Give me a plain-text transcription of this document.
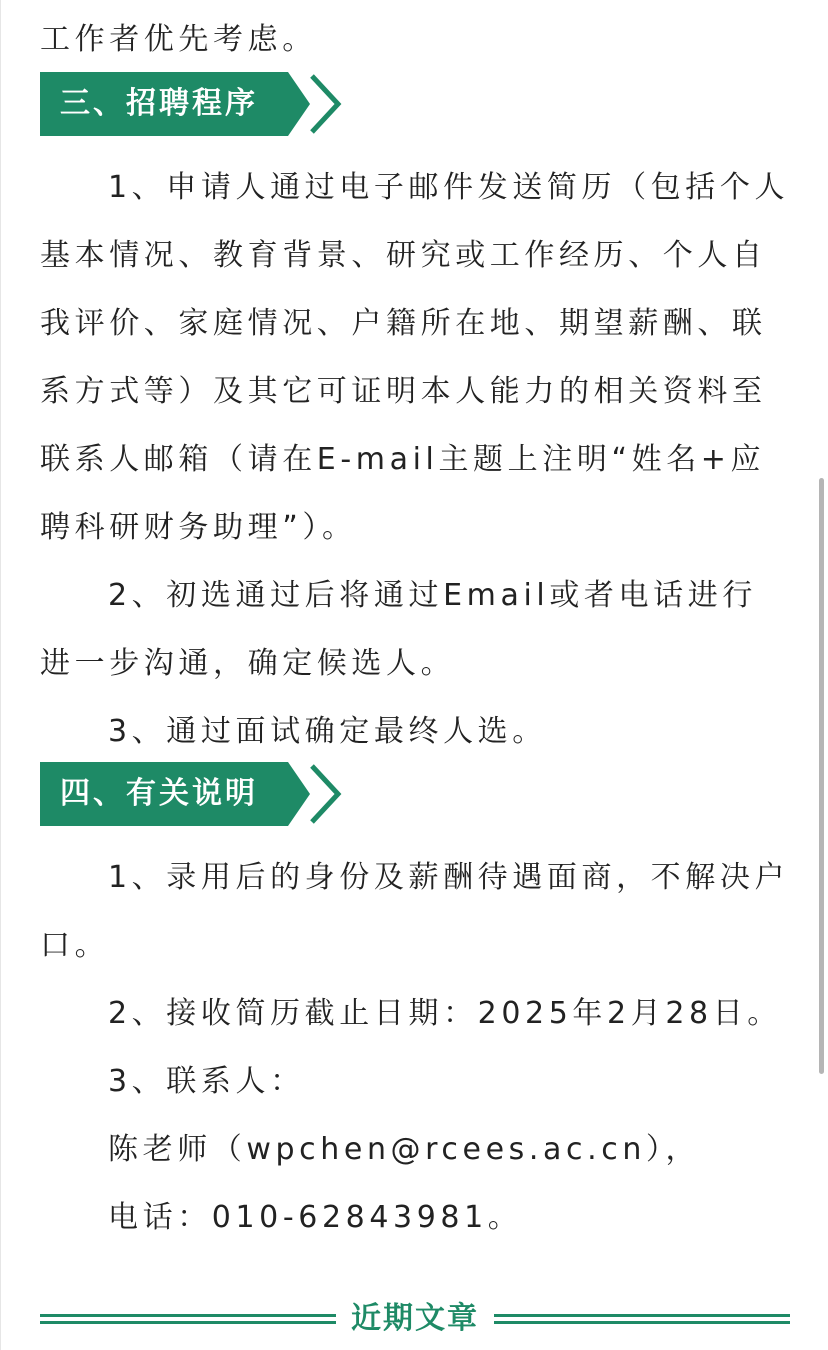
工作者优先考虑。

三、招聘程序

1、申请人通过电子邮件发送简历（包括个人基本情况、教育背景、研究或工作经历、个人自我评价、家庭情况、户籍所在地、期望薪酬、联系方式等）及其它可证明本人能力的相关资料至联系人邮箱（请在E-mail主题上注明“姓名+应聘科研财务助理”）。

2、初选通过后将通过Email或者电话进行进一步沟通，确定候选人。

3、通过面试确定最终人选。

四、有关说明

1、录用后的身份及薪酬待遇面商，不解决户口。

2、接收简历截止日期：2025年2月28日。

3、联系人：

陈老师（wpchen@rcees.ac.cn），

电话：010-62843981。

近期文章
